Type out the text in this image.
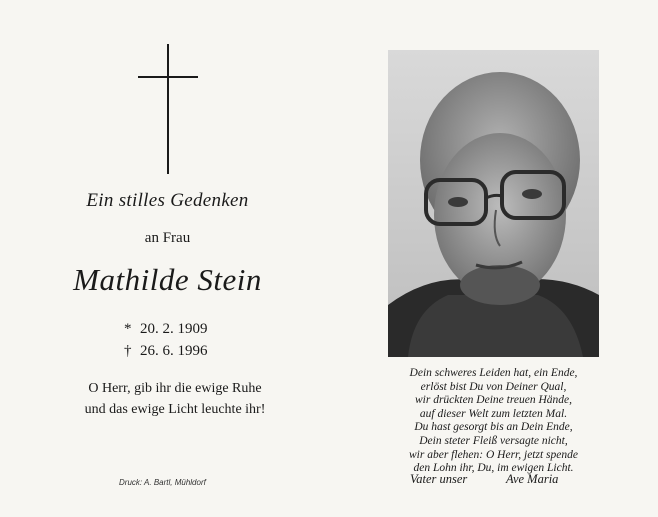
Ein stilles Gedenken
an Frau
Mathilde Stein
* 20. 2. 1909
† 26. 6. 1996
O Herr, gib ihr die ewige Ruhe
und das ewige Licht leuchte ihr!
Druck: A. Bartl, Mühldorf
Dein schweres Leiden hat, ein Ende,
erlöst bist Du von Deiner Qual,
wir drückten Deine treuen Hände,
auf dieser Welt zum letzten Mal.
Du hast gesorgt bis an Dein Ende,
Dein steter Fleiß versagte nicht,
wir aber flehen: O Herr, jetzt spende
den Lohn ihr, Du, im ewigen Licht.
Vater unser	Ave Maria
